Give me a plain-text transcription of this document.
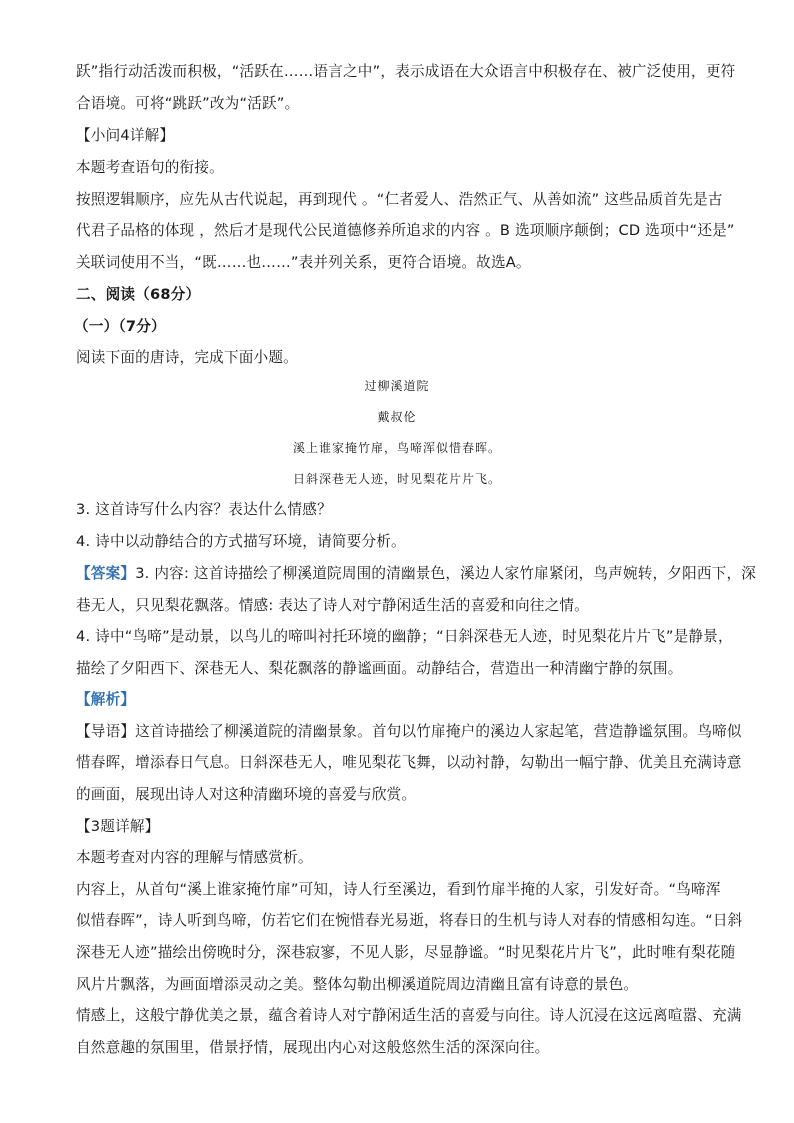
跃”指行动活泼而积极，“活跃在……语言之中”，表示成语在大众语言中积极存在、被广泛使用，更符
合语境。可将“跳跃”改为“活跃”。
【小问4详解】
本题考查语句的衔接。
按照逻辑顺序，应先从古代说起，再到现代 。“仁者爱人、浩然正气、从善如流” 这些品质首先是古
代君子品格的体现 ，然后才是现代公民道德修养所追求的内容 。B 选项顺序颠倒；CD 选项中“还是”
关联词使用不当，“既……也……”表并列关系，更符合语境。故选A。
二、阅读（68分）
（一）（7分）
阅读下面的唐诗，完成下面小题。
过柳溪道院
戴叔伦
溪上谁家掩竹扉，鸟啼浑似惜春晖。
日斜深巷无人迹，时见梨花片片飞。
3. 这首诗写什么内容？表达什么情感？
4. 诗中以动静结合的方式描写环境，请简要分析。
【答案】3. 内容: 这首诗描绘了柳溪道院周围的清幽景色，溪边人家竹扉紧闭，鸟声婉转，夕阳西下，深
巷无人，只见梨花飘落。情感: 表达了诗人对宁静闲适生活的喜爱和向往之情。
4. 诗中“鸟啼”是动景，以鸟儿的啼叫衬托环境的幽静；“日斜深巷无人迹，时见梨花片片飞”是静景，
描绘了夕阳西下、深巷无人、梨花飘落的静谧画面。动静结合，营造出一种清幽宁静的氛围。
【解析】
【导语】这首诗描绘了柳溪道院的清幽景象。首句以竹扉掩户的溪边人家起笔，营造静谧氛围。鸟啼似
惜春晖，增添春日气息。日斜深巷无人，唯见梨花飞舞，以动衬静，勾勒出一幅宁静、优美且充满诗意
的画面，展现出诗人对这种清幽环境的喜爱与欣赏。
【3题详解】
本题考查对内容的理解与情感赏析。
内容上，从首句“溪上谁家掩竹扉”可知，诗人行至溪边，看到竹扉半掩的人家，引发好奇。“鸟啼浑
似惜春晖”，诗人听到鸟啼，仿若它们在惋惜春光易逝，将春日的生机与诗人对春的情感相勾连。“日斜
深巷无人迹”描绘出傍晚时分，深巷寂寥，不见人影，尽显静谧。“时见梨花片片飞”，此时唯有梨花随
风片片飘落，为画面增添灵动之美。整体勾勒出柳溪道院周边清幽且富有诗意的景色。
情感上，这般宁静优美之景，蕴含着诗人对宁静闲适生活的喜爱与向往。诗人沉浸在这远离喧嚣、充满
自然意趣的氛围里，借景抒情，展现出内心对这般悠然生活的深深向往。
